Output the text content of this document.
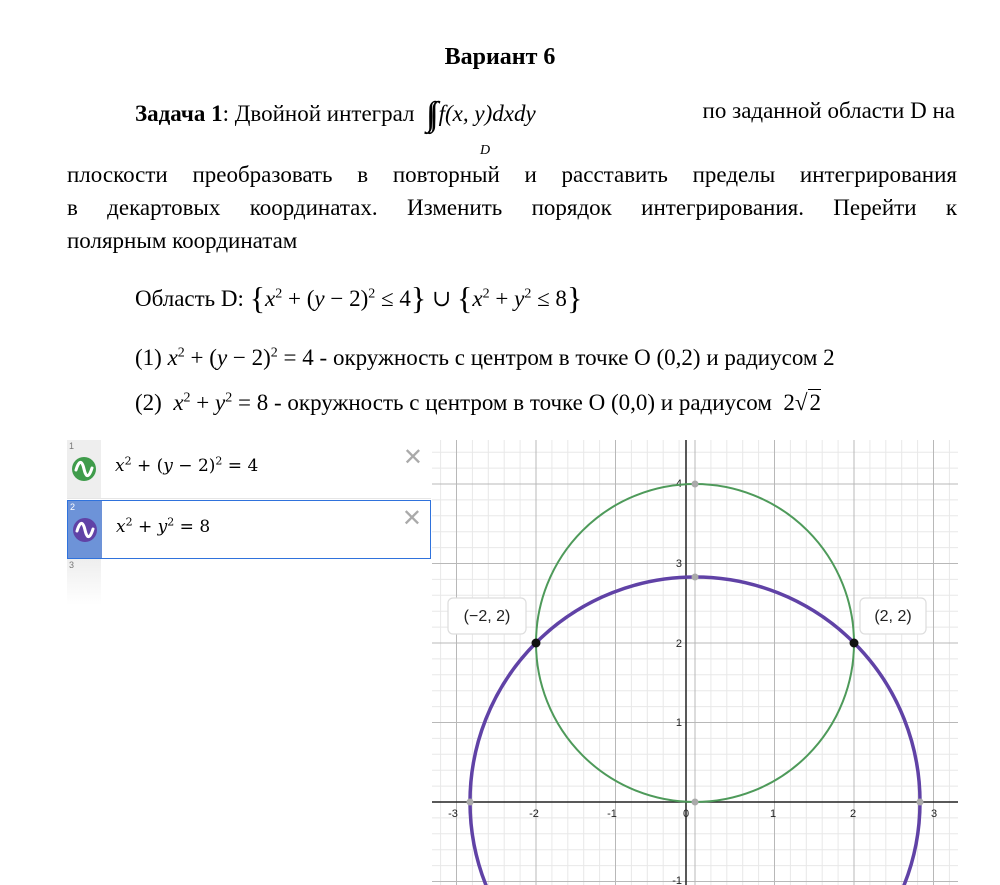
Вариант 6
Задача 1: Двойной интеграл ∫∫
D
f(x, y)dxdy	по заданной области D на
плоскости преобразовать в повторный и расставить пределы интегрирования
в декартовых координатах. Изменить порядок интегрирования. Перейти к
полярным координатам
Область D: $\{x^2 + (y - 2)^2 \le 4\}$ ∪ $\{x^2 + y^2 \le 8\}$
(1) $x^2 + (y - 2)^2 = 4$ - окружность с центром в точке O (0,2) и радиусом 2
(2) $x^2 + y^2 = 8$ - окружность с центром в точке O (0,0) и радиусом 2√2
1
$x^2 + (y - 2)^2 = 4$	✕
2
$x^2 + y^2 = 8$	✕
3
-3	-2	-1	0	1	2	3
4
3
2
1
-1
(−2, 2)	(2, 2)
